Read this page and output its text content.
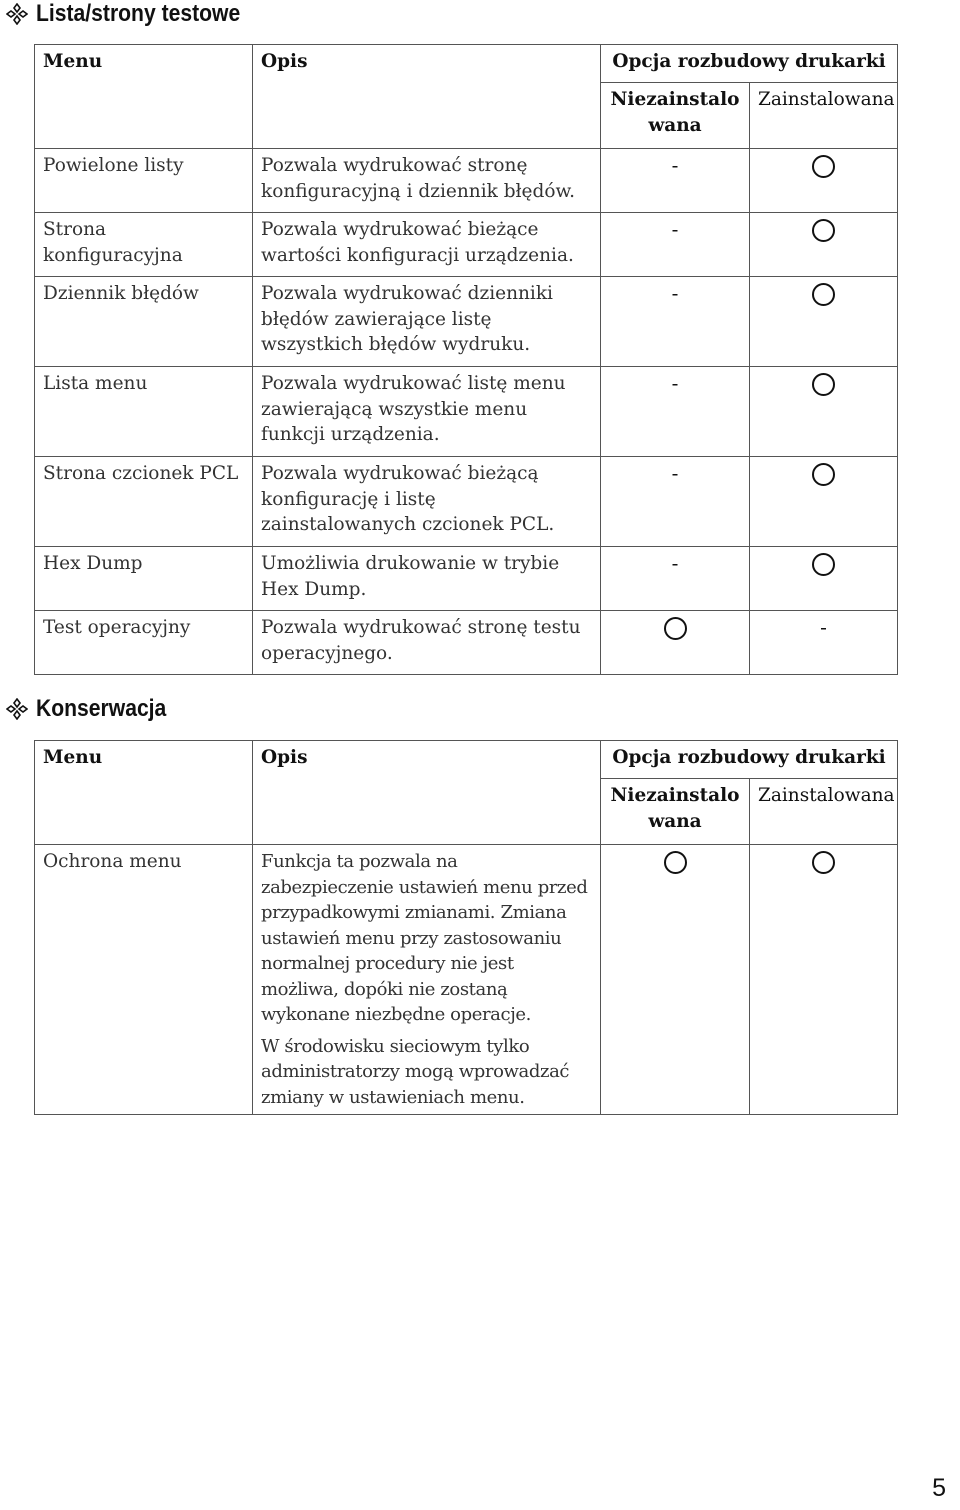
Lista/strony testowe
Menu	Opis	Opcja rozbudowy drukarki	
		Niezainstalo wana	Zainstalowana
Powielone listy	Pozwala wydrukować stronę konfiguracyjną i dziennik błędów.	-	
Strona konfiguracyjna	Pozwala wydrukować bieżące wartości konfiguracji urządzenia.	-	
Dziennik błędów	Pozwala wydrukować dzienniki błędów zawierające listę wszystkich błędów wydruku.	-	
Lista menu	Pozwala wydrukować listę menu zawierającą wszystkie menu funkcji urządzenia.	-	
Strona czcionek PCL	Pozwala wydrukować bieżącą konfigurację i listę zainstalowanych czcionek PCL.	-	
Hex Dump	Umożliwia drukowanie w trybie Hex Dump.	-	
Test operacyjny	Pozwala wydrukować stronę testu operacyjnego.		-
Konserwacja
Menu	Opis	Opcja rozbudowy drukarki	
		Niezainstalo wana	Zainstalowana
Ochrona menu	Funkcja ta pozwala na zabezpieczenie ustawień menu przed przypadkowymi zmianami. Zmiana ustawień menu przy zastosowaniu normalnej procedury nie jest możliwa, dopóki nie zostaną wykonane niezbędne operacje.

W środowisku sieciowym tylko administratorzy mogą wprowadzać zmiany w ustawieniach menu.		

5
